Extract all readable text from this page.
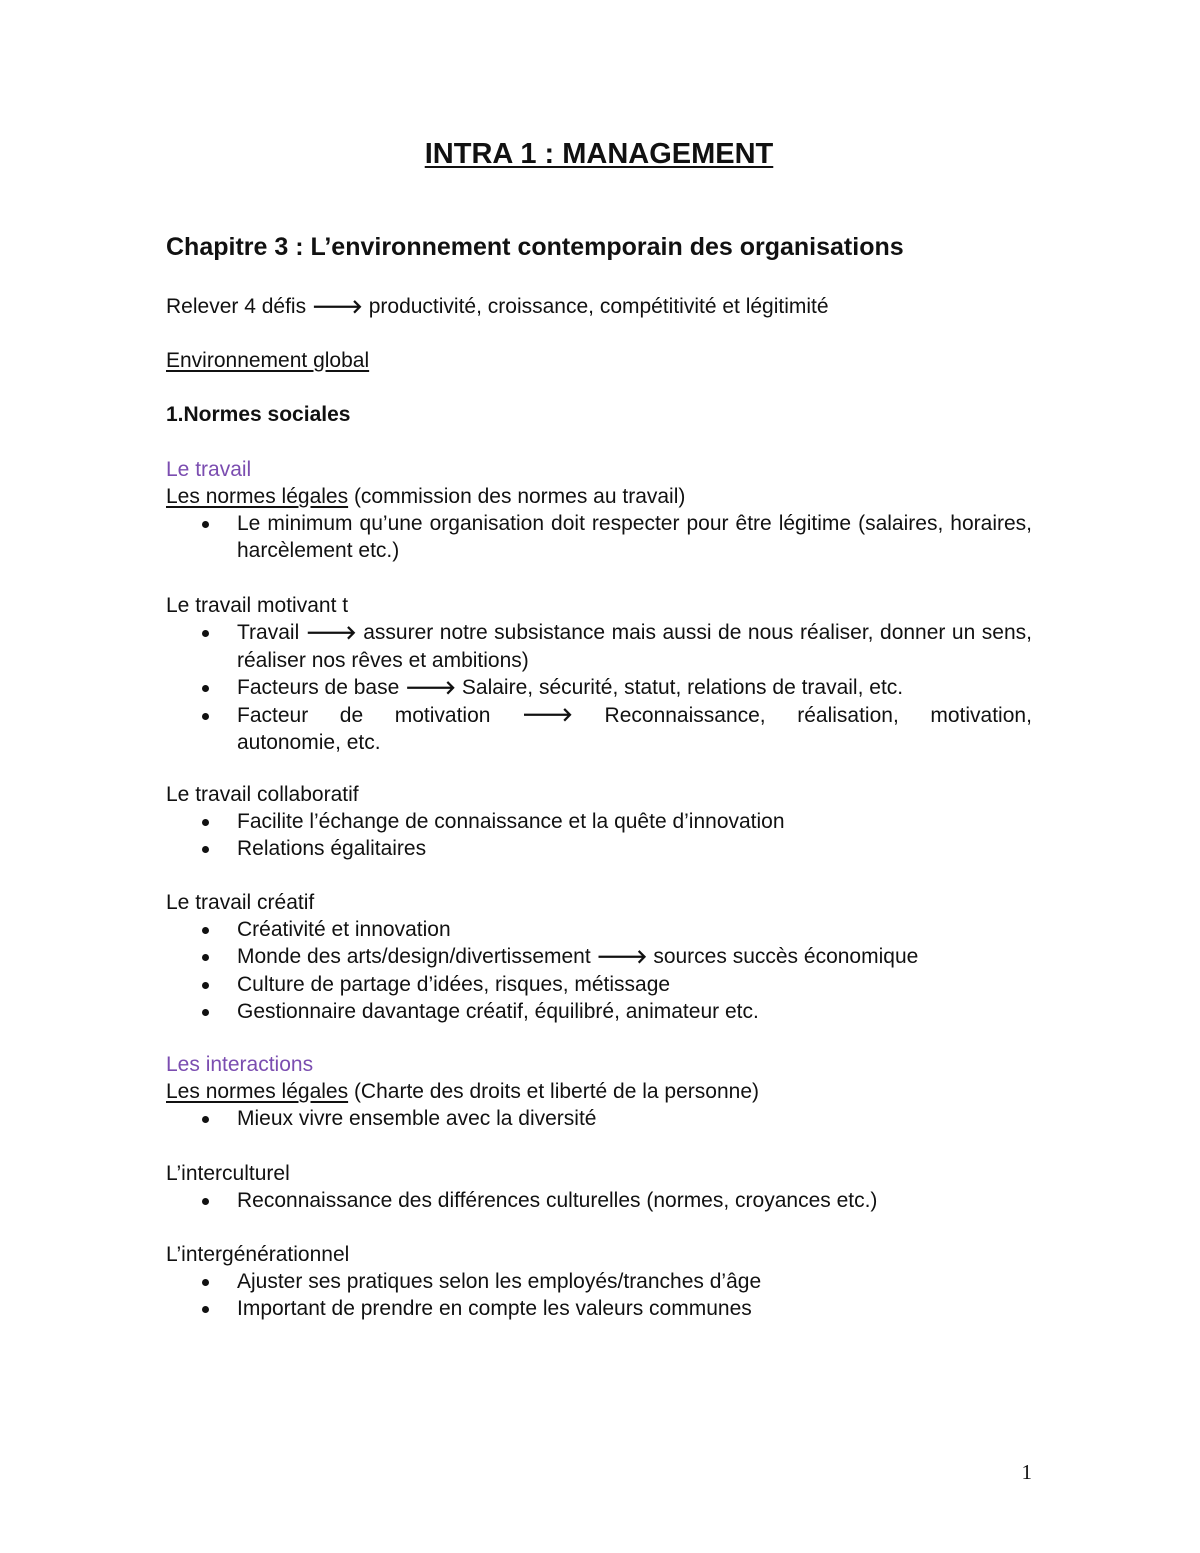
INTRA 1 : MANAGEMENT
Chapitre 3 : L’environnement contemporain des organisations
Relever 4 défis 🡒 productivité, croissance, compétitivité et légitimité
Environnement global
1.Normes sociales
Le travail
Les normes légales (commission des normes au travail)
Le minimum qu’une organisation doit respecter pour être légitime (salaires, horaires, harcèlement etc.)
Le travail motivant t
Travail 🡒 assurer notre subsistance mais aussi de nous réaliser, donner un sens, réaliser nos rêves et ambitions)
Facteurs de base 🡒 Salaire, sécurité, statut, relations de travail, etc.
Facteur de motivation 🡒 Reconnaissance, réalisation, motivation,
autonomie, etc.
Le travail collaboratif
Facilite l’échange de connaissance et la quête d’innovation
Relations égalitaires
Le travail créatif
Créativité et innovation
Monde des arts/design/divertissement 🡒 sources succès économique
Culture de partage d’idées, risques, métissage
Gestionnaire davantage créatif, équilibré, animateur etc.
Les interactions
Les normes légales (Charte des droits et liberté de la personne)
Mieux vivre ensemble avec la diversité
L’interculturel
Reconnaissance des différences culturelles (normes, croyances etc.)
L’intergénérationnel
Ajuster ses pratiques selon les employés/tranches d’âge
Important de prendre en compte les valeurs communes
1
